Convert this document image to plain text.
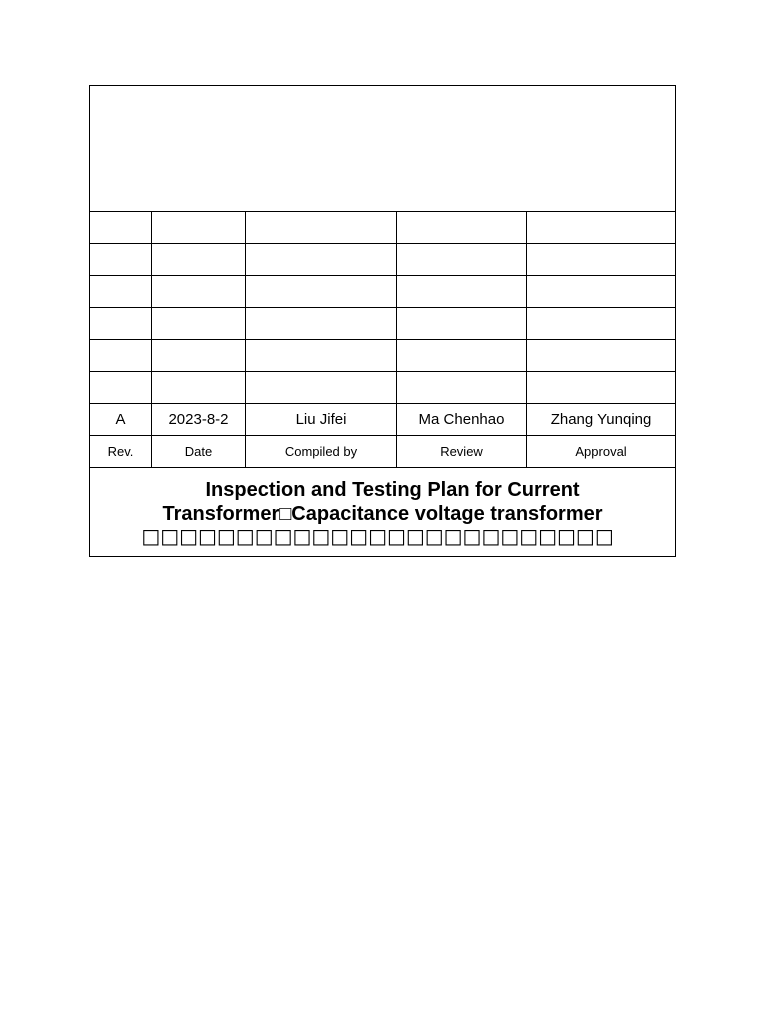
A	2023-8-2	Liu Jifei	Ma Chenhao	Zhang Yunqing
Rev.	Date	Compiled by	Review	Approval

Inspection and Testing Plan for Current
Transformer□Capacitance voltage transformer
□□□□□□□□□□□□□□□□□□□□□□□□□				
